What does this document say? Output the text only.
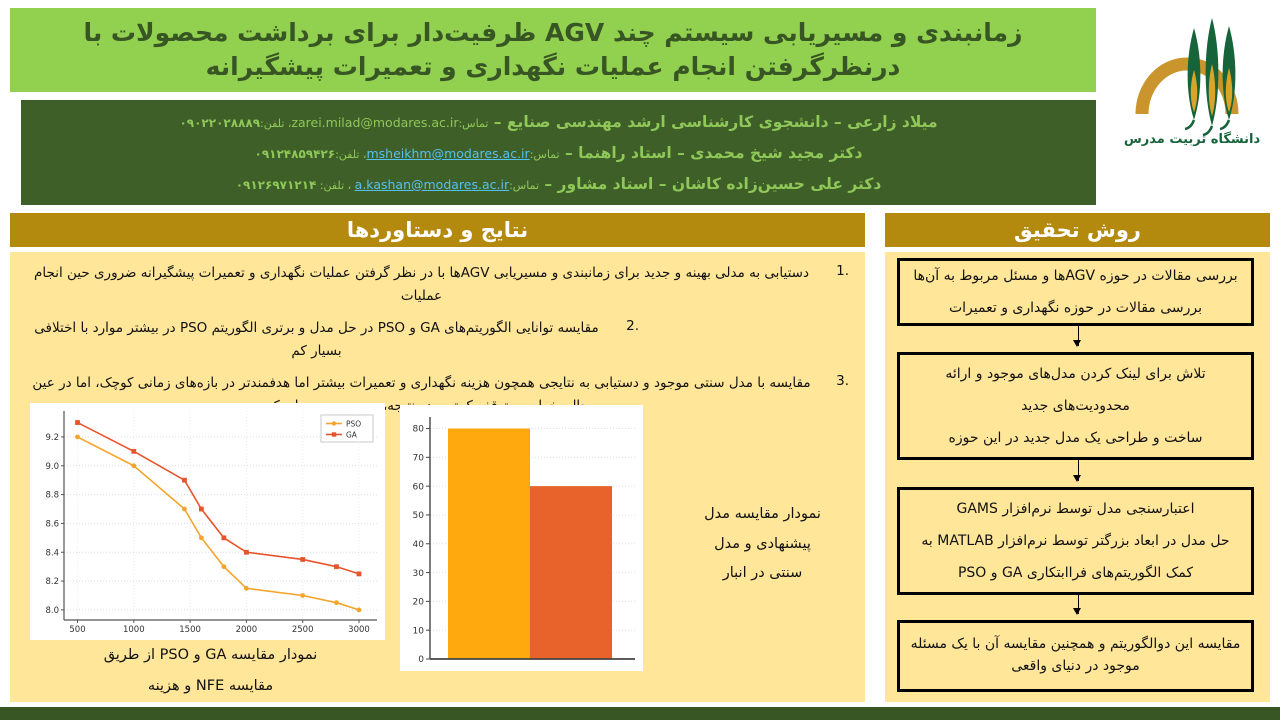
زمانبندی و مسیریابی سیستم چند AGV ظرفیت‌دار برای برداشت محصولات با درنظرگرفتن انجام عملیات نگهداری و تعمیرات پیشگیرانه
دانشگاه تربیت مدرس
میلاد زارعی – دانشجوی کارشناسی ارشد مهندسی صنایع – تماس:zarei.milad@modares.ac.ir، تلفن:۰۹۰۲۲۰۲۸۸۸۹
دکتر مجید شیخ محمدی – استاد راهنما – تماس:msheikhm@modares.ac.ir، تلفن:۰۹۱۲۴۸۵۹۴۲۶
دکتر علی حسین‌زاده کاشان – استاد مشاور – تماس:a.kashan@modares.ac.ir ، تلفن: ۰۹۱۲۶۹۷۱۲۱۴
نتایج و دستاوردها	روش تحقیق
1.
دستیابی به مدلی بهینه و جدید برای زمانبندی و مسیریابی AGVها با در نظر گرفتن عملیات نگهداری و تعمیرات پیشگیرانه ضروری حین انجام عملیات
2.
مقایسه توانایی الگوریتم‌های GA و PSO در حل مدل و برتری الگوریتم PSO در بیشتر موارد با اختلافی بسیار کم
3.
مقایسه با مدل سنتی موجود و دستیابی به نتایجی همچون هزینه نگهداری و تعمیرات بیشتر اما هدفمندتر در بازه‌های زمانی کوچک، اما در عین
8.0
8.2
8.4
8.6
8.8
9.0
9.2
500	1000	1500	2000	2500	3000
PSO
GA
0
10
20
30
40
50
60
70
80
نمودار مقایسه GA و PSO از طریق
مقایسه NFE و هزینه
نمودار مقایسه مدل
پیشنهادی و مدل
سنتی در انبار

بررسی مقالات در حوزه AGVها و مسئل مربوط به آن‌ها

بررسی مقالات در حوزه نگهداری و تعمیرات

تلاش برای لینک کردن مدل‌های موجود و ارائه محدودیت‌های جدید

ساخت و طراحی یک مدل جدید در این حوزه

اعتبارسنجی مدل توسط نرم‌افزار GAMS

حل مدل در ابعاد بزرگتر توسط نرم‌افزار MATLAB به کمک الگوریتم‌های فراابتکاری GA و PSO

مقایسه این دوالگوریتم و همچنین مقایسه آن با یک مسئله موجود در دنیای واقعی
